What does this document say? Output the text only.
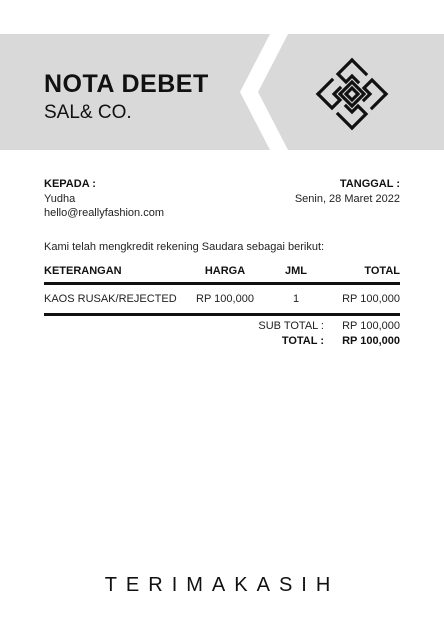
NOTA DEBET
SAL& CO.
KEPADA :
Yudha
hello@reallyfashion.com
TANGGAL :
Senin, 28 Maret 2022
Kami telah mengkredit rekening Saudara sebagai berikut:
KETERANGAN	HARGA	JML	TOTAL
KAOS RUSAK/REJECTED	RP 100,000	1	RP 100,000
SUB TOTAL : RP 100,000
TOTAL : RP 100,000
TERIMAKASIH
